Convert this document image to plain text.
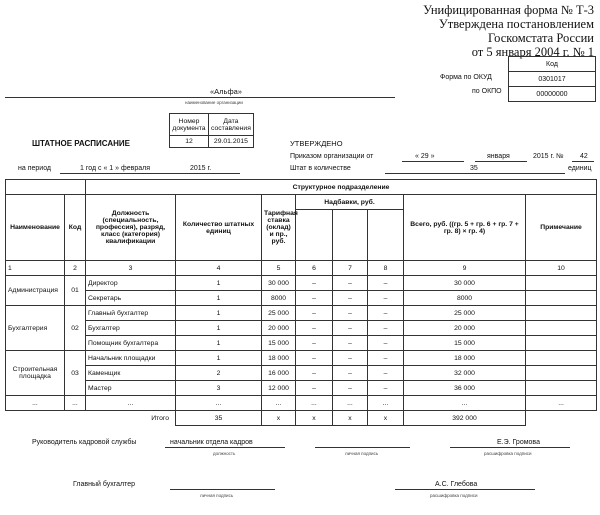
Унифицированная форма № Т-3
Утверждена постановлением
Госкомстата России
от 5 января 2004 г. № 1
Код
0301017
00000000
Форма по ОКУД
по ОКПО
«Альфа»
наименование организации
Номер документа	Дата составления
12	29.01.2015
ШТАТНОЕ РАСПИСАНИЕ	УТВЕРЖДЕНО
Приказом организации от	« 29 »	января	2015 г. № 42
на период	1 год с « 1 » февраля	2015 г.	Штат в количестве	35	единиц
		Структурное подразделение							
Наименование	Код	Должность (специальность, профессия), разряд, класс (категория) квалификации	Количество штатных единиц	Тарифная ставка (оклад) и пр., руб.	Надбавки, руб.			Всего, руб. ((гр. 5 + гр. 6 + гр. 7 + гр. 8) × гр. 4)	Примечание

1	2	3	4	5	6	7	8	9	10
Администрация	01	Директор	1	30 000	–	–	–	30 000	
		Секретарь	1	8000	–	–	–	8000	
Бухгалтерия	02	Главный бухгалтер	1	25 000	–	–	–	25 000	
		Бухгалтер	1	20 000	–	–	–	20 000	
		Помощник бухгалтера	1	15 000	–	–	–	15 000	
Строительная площадка	03	Начальник площадки	1	18 000	–	–	–	18 000	
		Каменщик	2	16 000	–	–	–	32 000	
		Мастер	3	12 000	–	–	–	36 000	
...	...	...	...	...	...	...	...	...	...
Итого			35	х	х	х	х	392 000	
Руководитель кадровой службы	начальник отдела кадров	Е.Э. Громова
должность	личная подпись	расшифровка подписи
Главный бухгалтер	А.С. Глебова
личная подпись	расшифровка подписи
